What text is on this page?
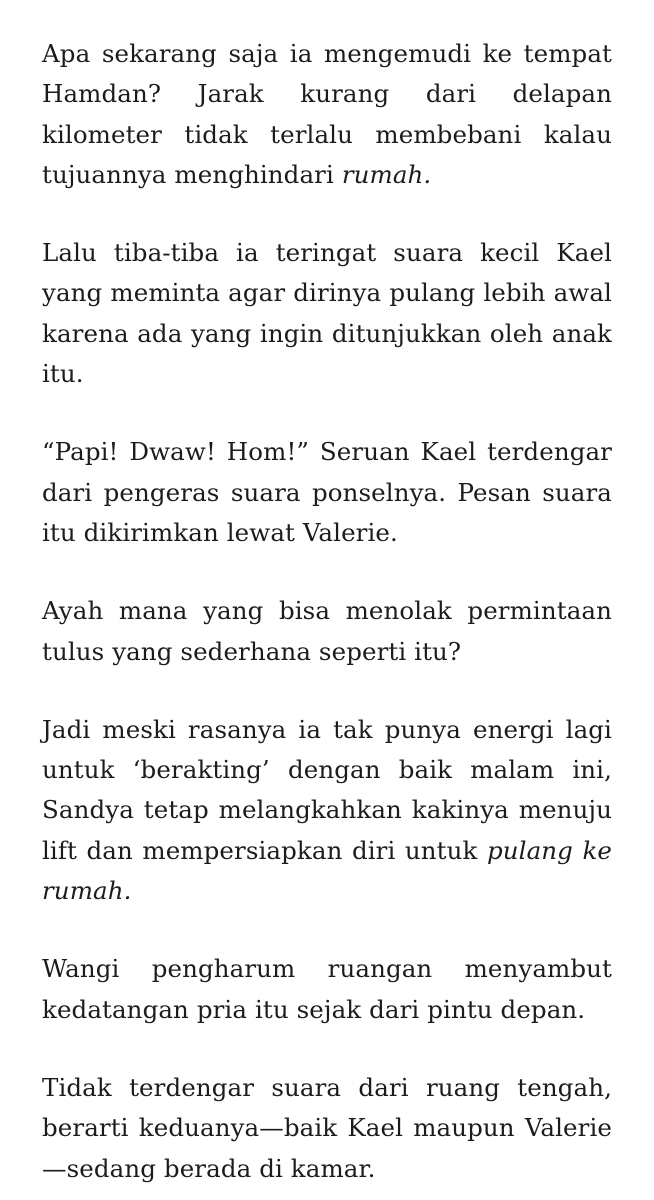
Apa sekarang saja ia mengemudi ke tempat Hamdan? Jarak kurang dari delapan kilometer tidak terlalu membebani kalau tujuannya menghindari rumah.

Lalu tiba-tiba ia teringat suara kecil Kael yang meminta agar dirinya pulang lebih awal karena ada yang ingin ditunjukkan oleh anak itu.

“Papi! Dwaw! Hom!” Seruan Kael terdengar dari pengeras suara ponselnya. Pesan suara itu dikirimkan lewat Valerie.

Ayah mana yang bisa menolak permintaan tulus yang sederhana seperti itu?

Jadi meski rasanya ia tak punya energi lagi untuk ‘berakting’ dengan baik malam ini, Sandya tetap melangkahkan kakinya menuju lift dan mempersiapkan diri untuk pulang ke rumah.

Wangi pengharum ruangan menyambut kedatangan pria itu sejak dari pintu depan.

Tidak terdengar suara dari ruang tengah, berarti keduanya—baik Kael maupun Valerie—sedang berada di kamar.
